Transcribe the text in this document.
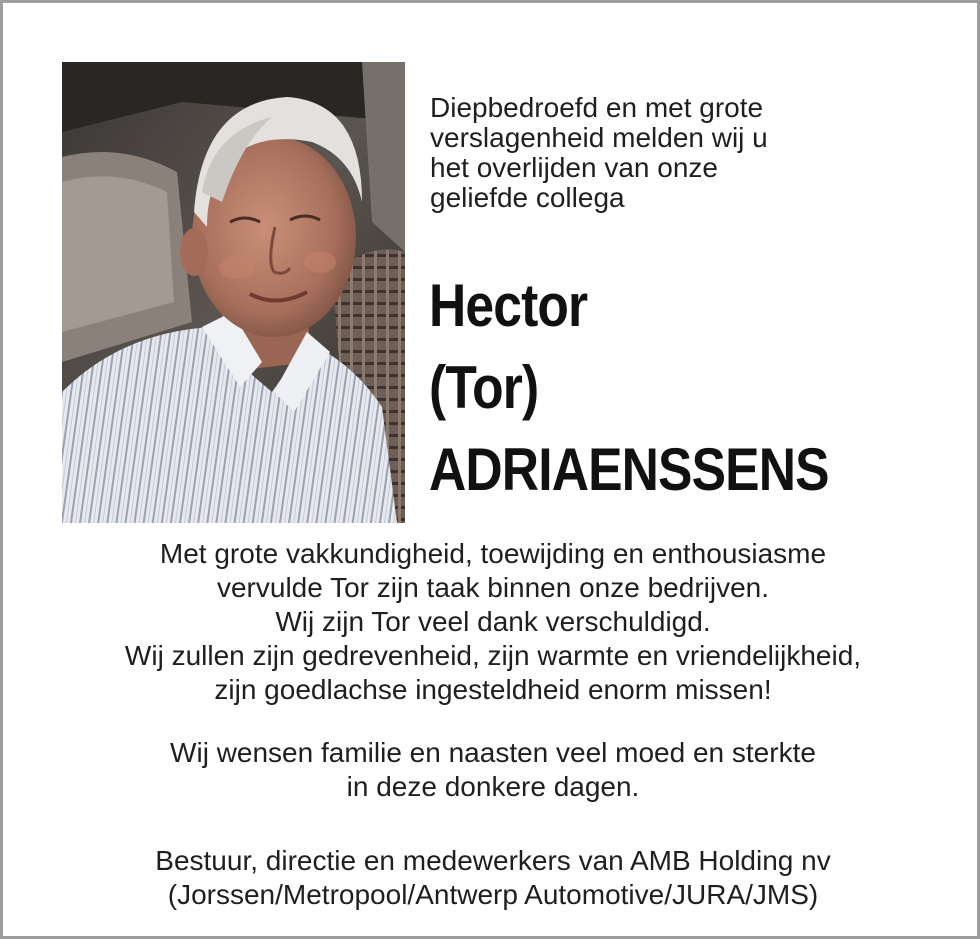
Diepbedroefd en met grote
verslagenheid melden wij u
het overlijden van onze
geliefde collega
Hector
(Tor)
ADRIAENSSENS
Met grote vakkundigheid, toewijding en enthousiasme
vervulde Tor zijn taak binnen onze bedrijven.
Wij zijn Tor veel dank verschuldigd.
Wij zullen zijn gedrevenheid, zijn warmte en vriendelijkheid,
zijn goedlachse ingesteldheid enorm missen!
Wij wensen familie en naasten veel moed en sterkte
in deze donkere dagen.
Bestuur, directie en medewerkers van AMB Holding nv
(Jorssen/Metropool/Antwerp Automotive/JURA/JMS)
